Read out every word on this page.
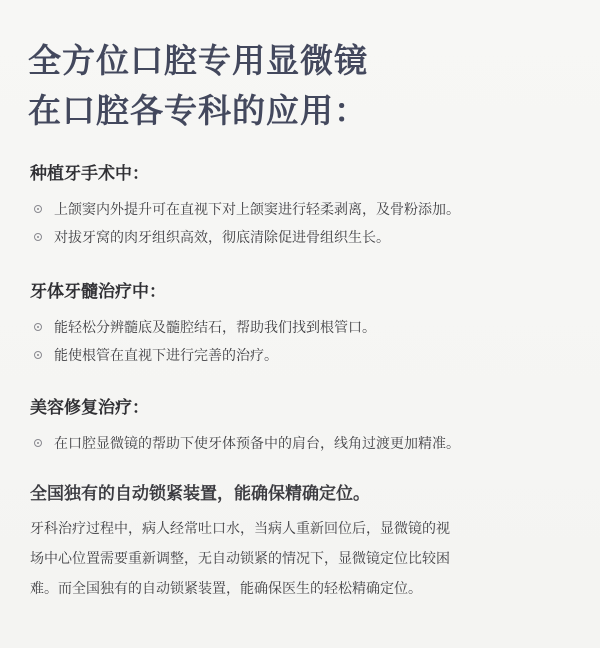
全方位口腔专用显微镜
在口腔各专科的应用：
种植牙手术中：
上颌窦内外提升可在直视下对上颌窦进行轻柔剥离，及骨粉添加。
对拔牙窝的肉牙组织高效，彻底清除促进骨组织生长。
牙体牙髓治疗中：
能轻松分辨髓底及髓腔结石，帮助我们找到根管口。
能使根管在直视下进行完善的治疗。
美容修复治疗：
在口腔显微镜的帮助下使牙体预备中的肩台，线角过渡更加精准。
全国独有的自动锁紧装置，能确保精确定位。

牙科治疗过程中，病人经常吐口水，当病人重新回位后，显微镜的视
场中心位置需要重新调整，无自动锁紧的情况下，显微镜定位比较困
难。而全国独有的自动锁紧装置，能确保医生的轻松精确定位。
